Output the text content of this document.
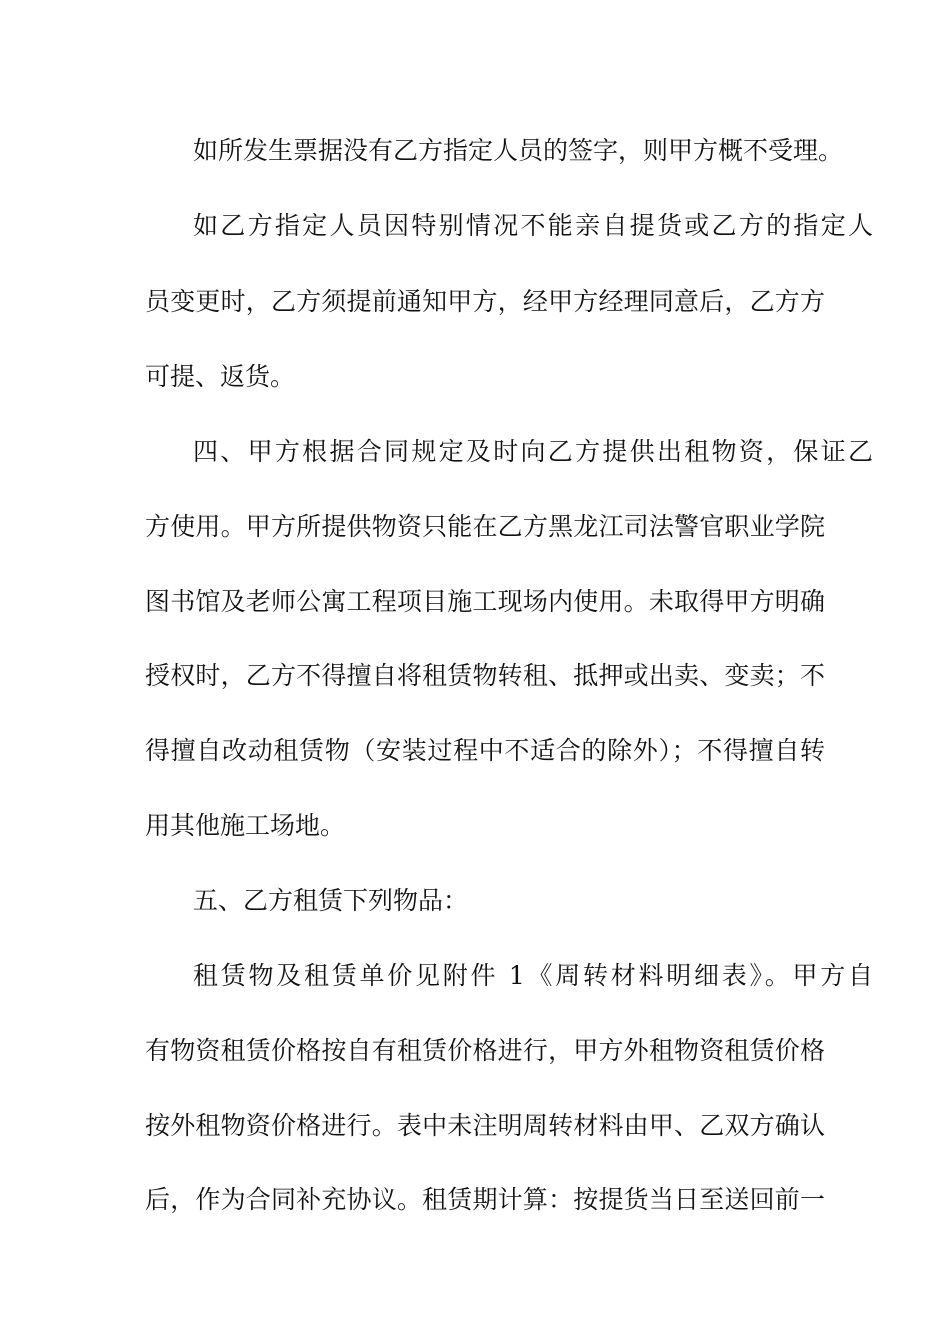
如所发生票据没有乙方指定人员的签字，则甲方概不受理。
如乙方指定人员因特别情况不能亲自提货或乙方的指定人
员变更时，乙方须提前通知甲方，经甲方经理同意后，乙方方
可提、返货。
四、甲方根据合同规定及时向乙方提供出租物资，保证乙
方使用。甲方所提供物资只能在乙方黑龙江司法警官职业学院
图书馆及老师公寓工程项目施工现场内使用。未取得甲方明确
授权时，乙方不得擅自将租赁物转租、抵押或出卖、变卖；不
得擅自改动租赁物（安装过程中不适合的除外）；不得擅自转
用其他施工场地。
五、乙方租赁下列物品：
租赁物及租赁单价见附件 1《周转材料明细表》。甲方自
有物资租赁价格按自有租赁价格进行，甲方外租物资租赁价格
按外租物资价格进行。表中未注明周转材料由甲、乙双方确认
后，作为合同补充协议。租赁期计算：按提货当日至送回前一
